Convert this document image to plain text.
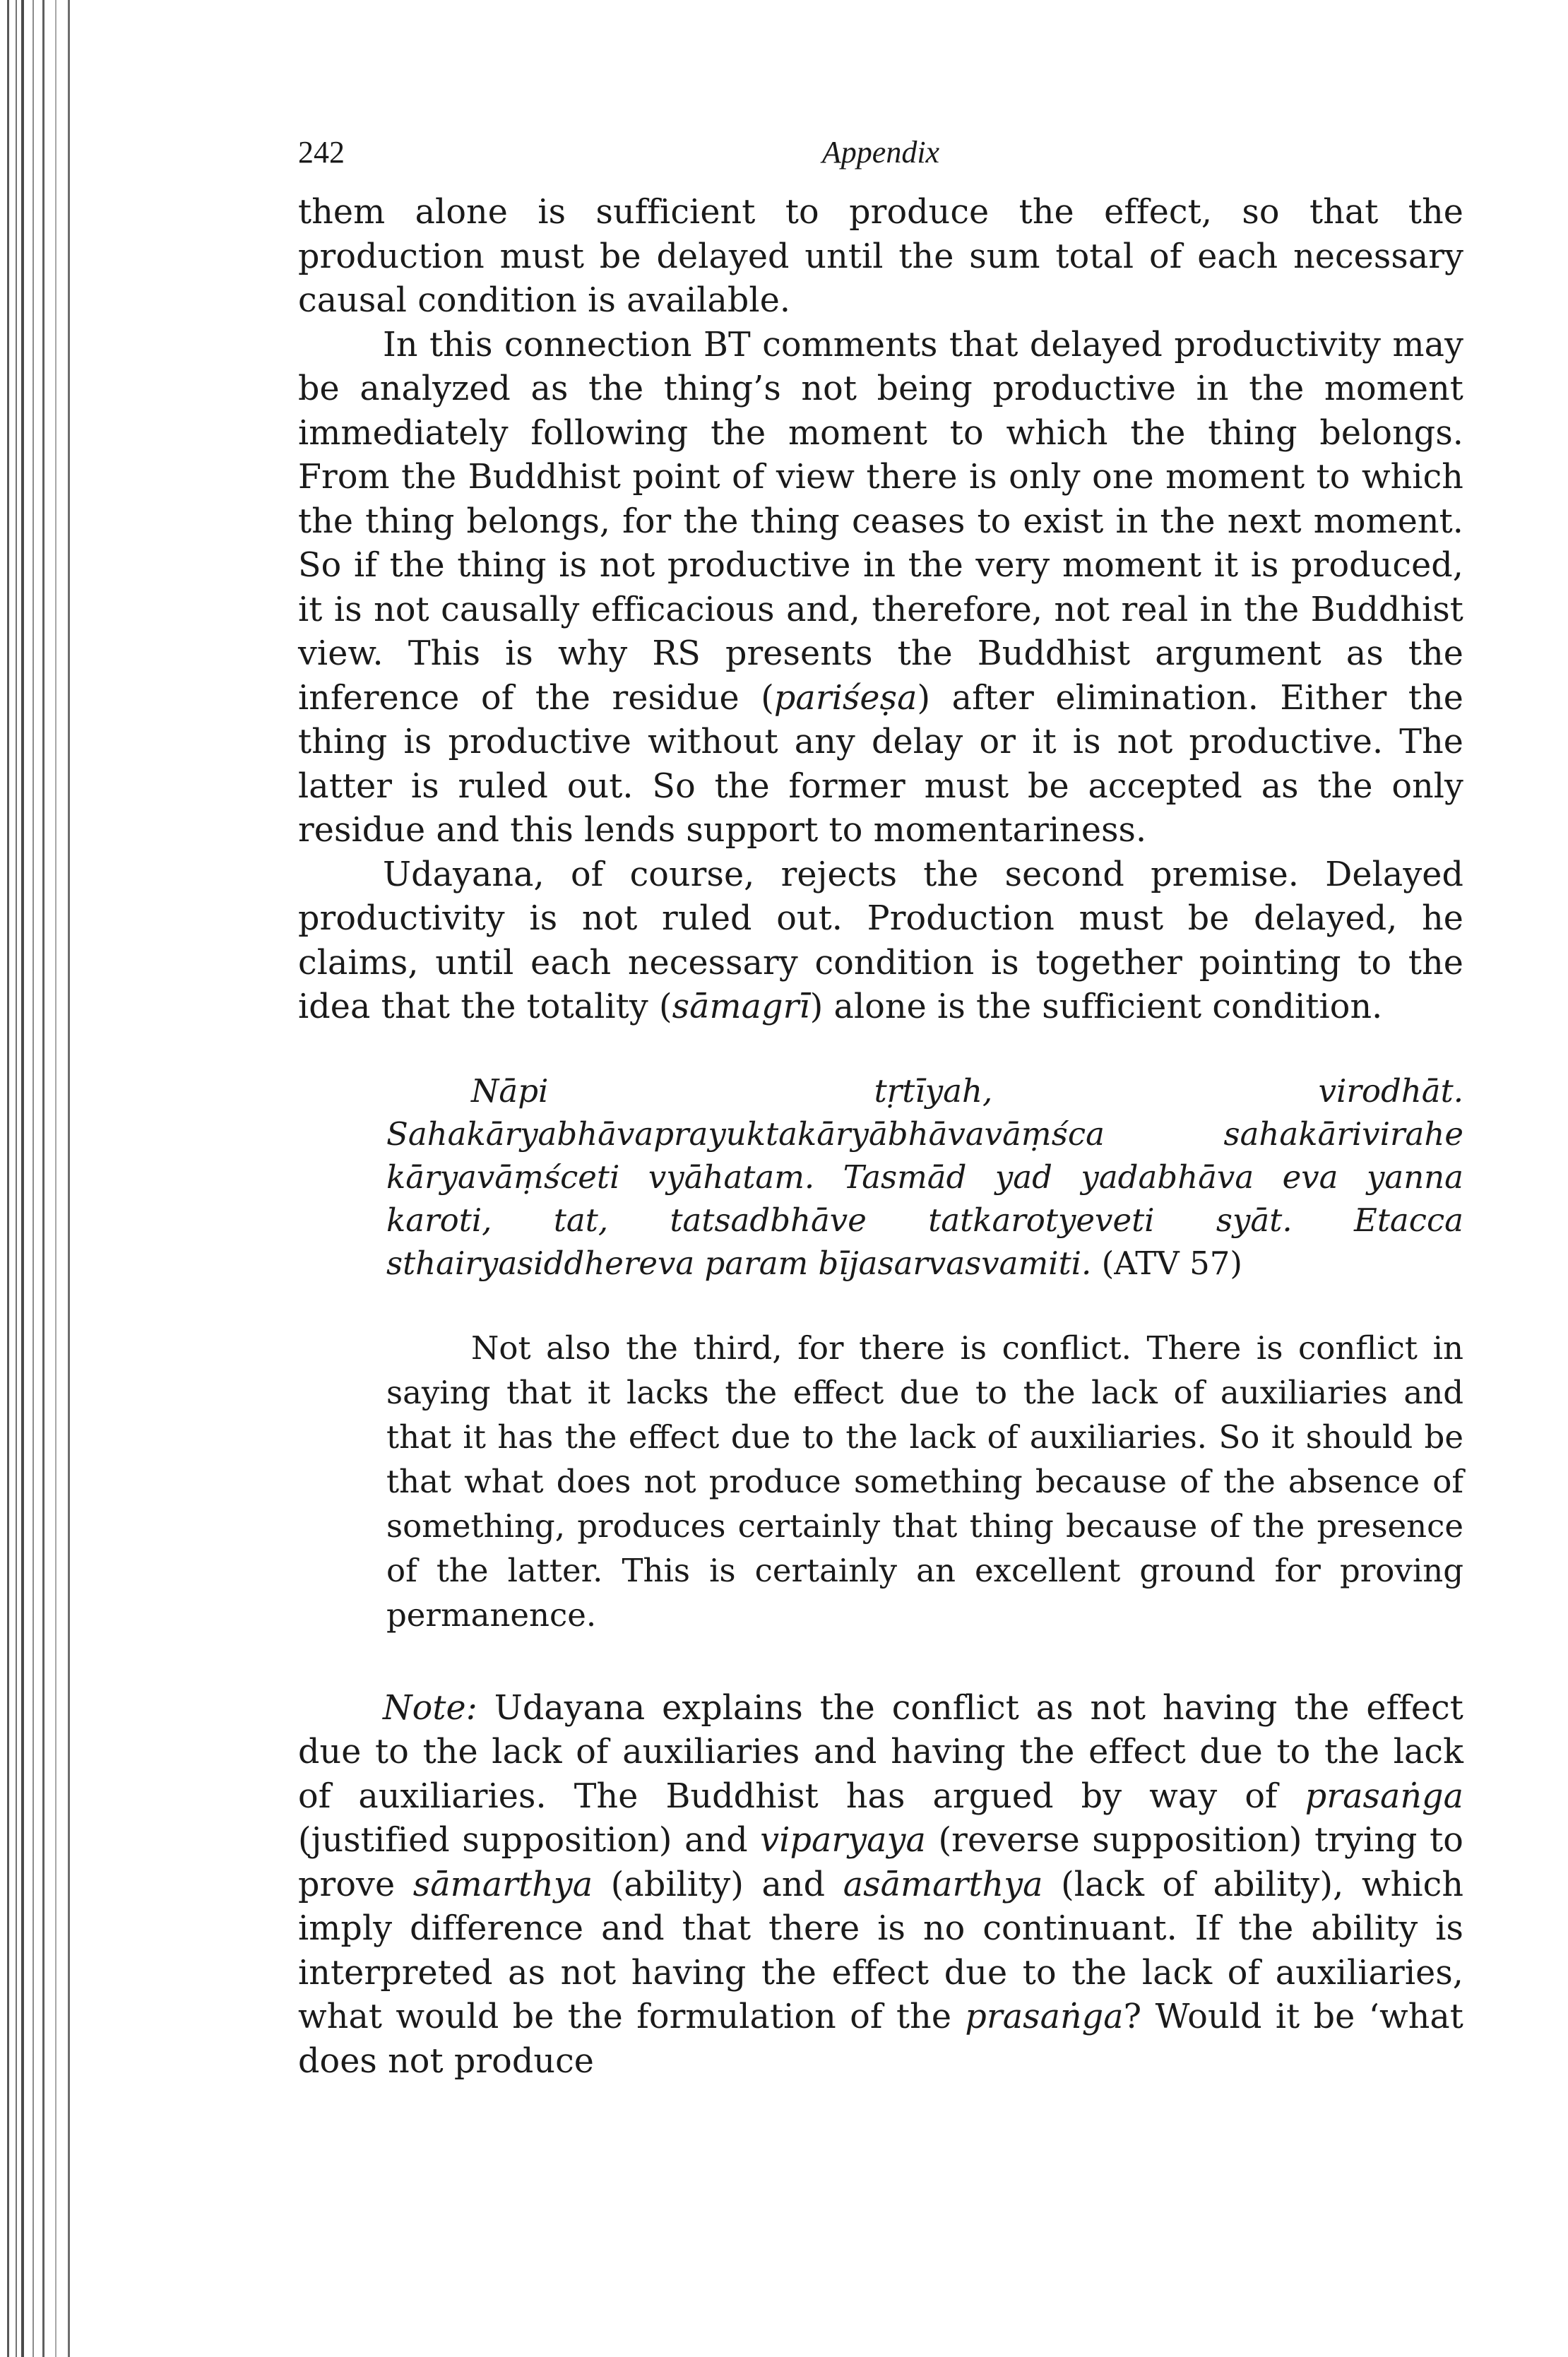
242	Appendix

them alone is sufficient to produce the effect, so that the production must be delayed until the sum total of each necessary causal condition is available.

In this connection BT comments that delayed productivity may be analyzed as the thing’s not being productive in the moment immediately following the moment to which the thing belongs. From the Buddhist point of view there is only one moment to which the thing belongs, for the thing ceases to exist in the next moment. So if the thing is not productive in the very moment it is produced, it is not causally efficacious and, therefore, not real in the Buddhist view. This is why RS presents the Buddhist argument as the inference of the residue (pariśeṣa) after elimination. Either the thing is productive without any delay or it is not productive. The latter is ruled out. So the former must be accepted as the only residue and this lends support to momentariness.

Udayana, of course, rejects the second premise. Delayed productivity is not ruled out. Production must be delayed, he claims, until each necessary condition is together pointing to the idea that the totality (sāmagrī) alone is the sufficient condition.

Nāpi tṛtīyah, virodhāt. Sahakāryabhāvaprayuktakāryābhāvavāṃśca sahakārivirahe kāryavāṃśceti vyāhatam. Tasmād yad yadabhāva eva yanna karoti, tat, tatsadbhāve tatkarotyeveti syāt. Etacca sthairyasiddhereva param bījasarvasvamiti. (ATV 57)

Not also the third, for there is conflict. There is conflict in saying that it lacks the effect due to the lack of auxiliaries and that it has the effect due to the lack of auxiliaries. So it should be that what does not produce something because of the absence of something, produces certainly that thing because of the presence of the latter. This is certainly an excellent ground for proving permanence.

Note: Udayana explains the conflict as not having the effect due to the lack of auxiliaries and having the effect due to the lack of auxiliaries. The Buddhist has argued by way of prasaṅga (justified supposition) and viparyaya (reverse supposition) trying to prove sāmarthya (ability) and asāmarthya (lack of ability), which imply difference and that there is no continuant. If the ability is interpreted as not having the effect due to the lack of auxiliaries, what would be the formulation of the prasaṅga? Would it be ‘what does not produce
